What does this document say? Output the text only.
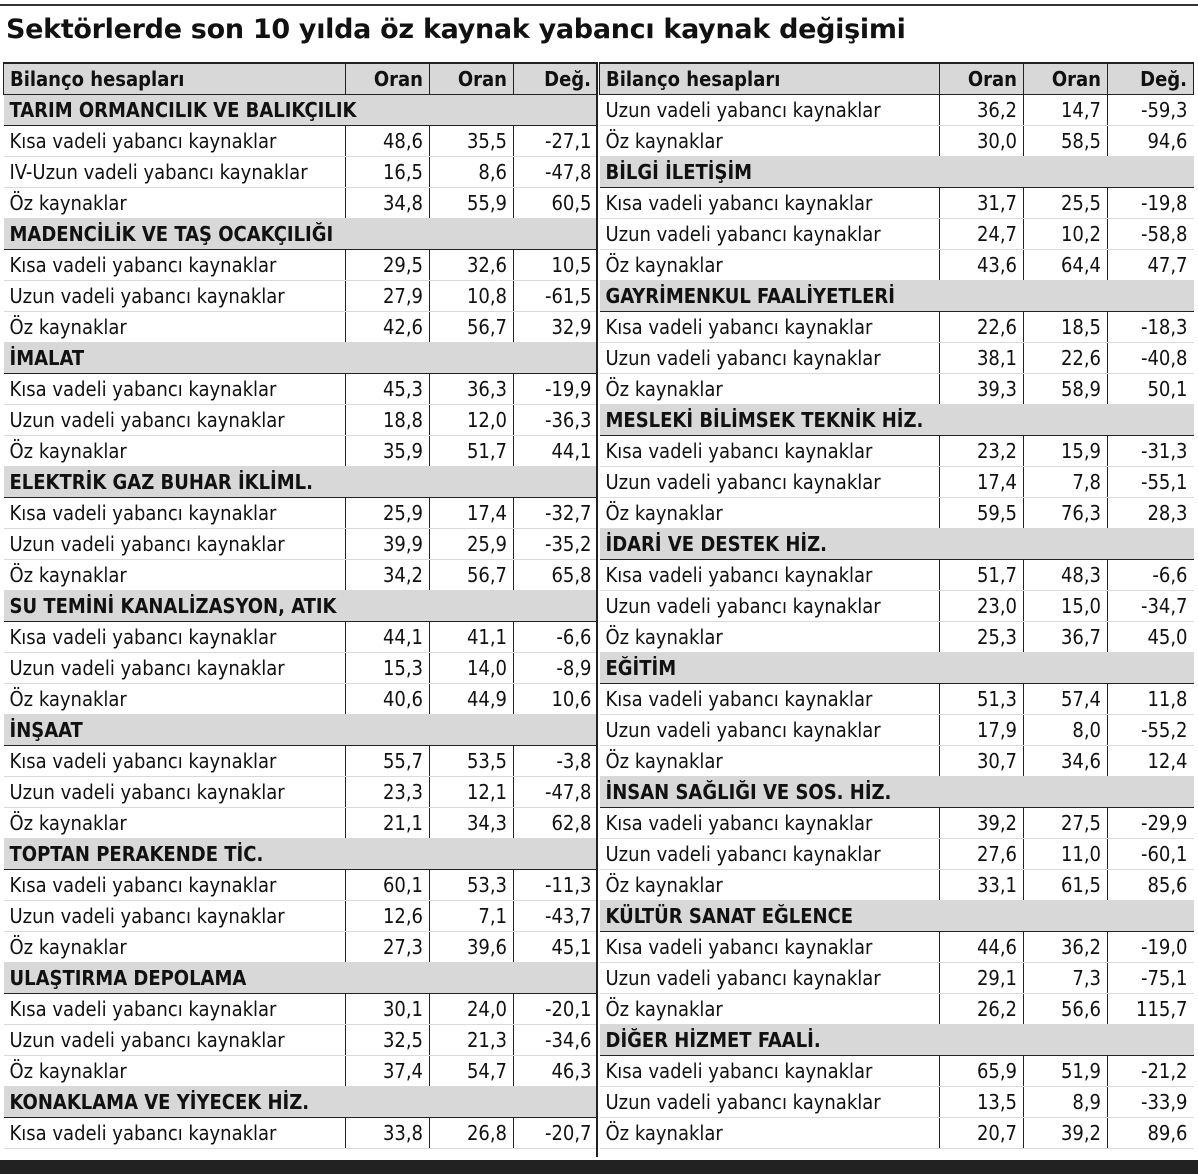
Sektörlerde son 10 yılda öz kaynak yabancı kaynak değişimi
Bilanço hesapları	Oran	Oran	Değ.
TARIM ORMANCILIK VE BALIKÇILIK			
Kısa vadeli yabancı kaynaklar	48,6	35,5	-27,1
IV-Uzun vadeli yabancı kaynaklar	16,5	8,6	-47,8
Öz kaynaklar	34,8	55,9	60,5
MADENCİLİK VE TAŞ OCAKÇILIĞI			
Kısa vadeli yabancı kaynaklar	29,5	32,6	10,5
Uzun vadeli yabancı kaynaklar	27,9	10,8	-61,5
Öz kaynaklar	42,6	56,7	32,9
İMALAT			
Kısa vadeli yabancı kaynaklar	45,3	36,3	-19,9
Uzun vadeli yabancı kaynaklar	18,8	12,0	-36,3
Öz kaynaklar	35,9	51,7	44,1
ELEKTRİK GAZ BUHAR İKLİML.			
Kısa vadeli yabancı kaynaklar	25,9	17,4	-32,7
Uzun vadeli yabancı kaynaklar	39,9	25,9	-35,2
Öz kaynaklar	34,2	56,7	65,8
SU TEMİNİ KANALİZASYON, ATIK			
Kısa vadeli yabancı kaynaklar	44,1	41,1	-6,6
Uzun vadeli yabancı kaynaklar	15,3	14,0	-8,9
Öz kaynaklar	40,6	44,9	10,6
İNŞAAT			
Kısa vadeli yabancı kaynaklar	55,7	53,5	-3,8
Uzun vadeli yabancı kaynaklar	23,3	12,1	-47,8
Öz kaynaklar	21,1	34,3	62,8
TOPTAN PERAKENDE TİC.			
Kısa vadeli yabancı kaynaklar	60,1	53,3	-11,3
Uzun vadeli yabancı kaynaklar	12,6	7,1	-43,7
Öz kaynaklar	27,3	39,6	45,1
ULAŞTIRMA DEPOLAMA			
Kısa vadeli yabancı kaynaklar	30,1	24,0	-20,1
Uzun vadeli yabancı kaynaklar	32,5	21,3	-34,6
Öz kaynaklar	37,4	54,7	46,3
KONAKLAMA VE YİYECEK HİZ.			
Kısa vadeli yabancı kaynaklar	33,8	26,8	-20,7
Bilanço hesapları	Oran	Oran	Değ.
Uzun vadeli yabancı kaynaklar	36,2	14,7	-59,3
Öz kaynaklar	30,0	58,5	94,6
BİLGİ İLETİŞİM			
Kısa vadeli yabancı kaynaklar	31,7	25,5	-19,8
Uzun vadeli yabancı kaynaklar	24,7	10,2	-58,8
Öz kaynaklar	43,6	64,4	47,7
GAYRİMENKUL FAALİYETLERİ			
Kısa vadeli yabancı kaynaklar	22,6	18,5	-18,3
Uzun vadeli yabancı kaynaklar	38,1	22,6	-40,8
Öz kaynaklar	39,3	58,9	50,1
MESLEKİ BİLİMSEK TEKNİK HİZ.			
Kısa vadeli yabancı kaynaklar	23,2	15,9	-31,3
Uzun vadeli yabancı kaynaklar	17,4	7,8	-55,1
Öz kaynaklar	59,5	76,3	28,3
İDARİ VE DESTEK HİZ.			
Kısa vadeli yabancı kaynaklar	51,7	48,3	-6,6
Uzun vadeli yabancı kaynaklar	23,0	15,0	-34,7
Öz kaynaklar	25,3	36,7	45,0
EĞİTİM			
Kısa vadeli yabancı kaynaklar	51,3	57,4	11,8
Uzun vadeli yabancı kaynaklar	17,9	8,0	-55,2
Öz kaynaklar	30,7	34,6	12,4
İNSAN SAĞLIĞI VE SOS. HİZ.			
Kısa vadeli yabancı kaynaklar	39,2	27,5	-29,9
Uzun vadeli yabancı kaynaklar	27,6	11,0	-60,1
Öz kaynaklar	33,1	61,5	85,6
KÜLTÜR SANAT EĞLENCE			
Kısa vadeli yabancı kaynaklar	44,6	36,2	-19,0
Uzun vadeli yabancı kaynaklar	29,1	7,3	-75,1
Öz kaynaklar	26,2	56,6	115,7
DİĞER HİZMET FAALİ.			
Kısa vadeli yabancı kaynaklar	65,9	51,9	-21,2
Uzun vadeli yabancı kaynaklar	13,5	8,9	-33,9
Öz kaynaklar	20,7	39,2	89,6
